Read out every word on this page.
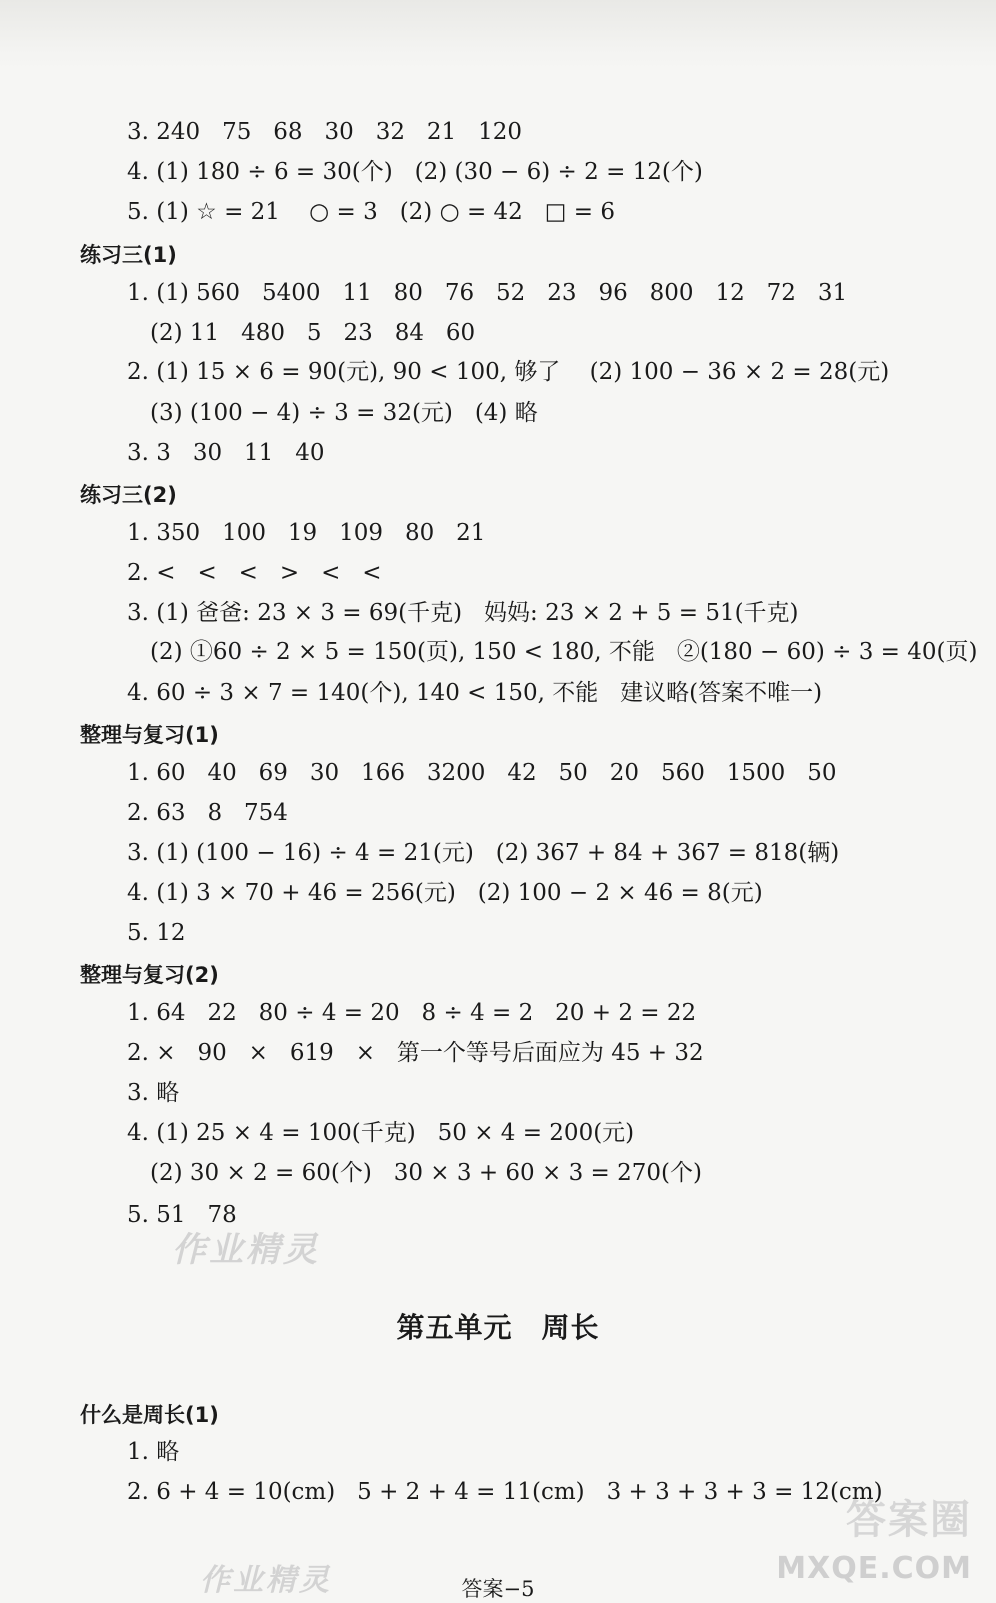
3. 240   75   68   30   32   21   120
4. (1) 180 ÷ 6 = 30(个)   (2) (30 − 6) ÷ 2 = 12(个)
5. (1) ☆ = 21    ○ = 3   (2) ○ = 42   □ = 6
练习三(1)
1. (1) 560   5400   11   80   76   52   23   96   800   12   72   31
(2) 11   480   5   23   84   60
2. (1) 15 × 6 = 90(元), 90 < 100, 够了    (2) 100 − 36 × 2 = 28(元)
(3) (100 − 4) ÷ 3 = 32(元)   (4) 略
3. 3   30   11   40
练习三(2)
1. 350   100   19   109   80   21
2. <   <   <   >   <   <
3. (1) 爸爸: 23 × 3 = 69(千克)   妈妈: 23 × 2 + 5 = 51(千克)
(2) ①60 ÷ 2 × 5 = 150(页), 150 < 180, 不能   ②(180 − 60) ÷ 3 = 40(页)
4. 60 ÷ 3 × 7 = 140(个), 140 < 150, 不能   建议略(答案不唯一)
整理与复习(1)
1. 60   40   69   30   166   3200   42   50   20   560   1500   50
2. 63   8   754
3. (1) (100 − 16) ÷ 4 = 21(元)   (2) 367 + 84 + 367 = 818(辆)
4. (1) 3 × 70 + 46 = 256(元)   (2) 100 − 2 × 46 = 8(元)
5. 12
整理与复习(2)
1. 64   22   80 ÷ 4 = 20   8 ÷ 4 = 2   20 + 2 = 22
2. ×   90   ×   619   ×   第一个等号后面应为 45 + 32
3. 略
4. (1) 25 × 4 = 100(千克)   50 × 4 = 200(元)
(2) 30 × 2 = 60(个)   30 × 3 + 60 × 3 = 270(个)
5. 51   78
作业精灵
第五单元　周长
什么是周长(1)
1. 略
2. 6 + 4 = 10(cm)   5 + 2 + 4 = 11(cm)   3 + 3 + 3 + 3 = 12(cm)
答案−5
作业精灵
答案圈
MXQE.COM
